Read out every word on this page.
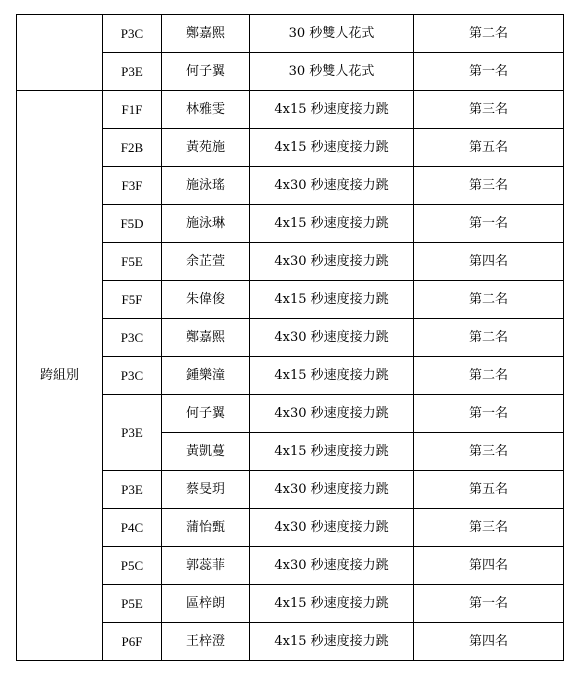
	P3C	鄭嘉熙	30 秒雙人花式	第二名
	P3E	何子翼	30 秒雙人花式	第一名
跨組別	F1F	林雅雯	4x15 秒速度接力跳	第三名
	F2B	黃苑施	4x15 秒速度接力跳	第五名
	F3F	施泳瑤	4x30 秒速度接力跳	第三名
	F5D	施泳琳	4x15 秒速度接力跳	第一名
	F5E	余芷萱	4x30 秒速度接力跳	第四名
	F5F	朱偉俊	4x15 秒速度接力跳	第二名
	P3C	鄭嘉熙	4x30 秒速度接力跳	第二名
	P3C	鍾樂潼	4x15 秒速度接力跳	第二名
	P3E	何子翼	4x30 秒速度接力跳	第一名
		黃凱蔓	4x15 秒速度接力跳	第三名
	P3E	蔡旻玥	4x30 秒速度接力跳	第五名
	P4C	蒲怡甄	4x30 秒速度接力跳	第三名
	P5C	郭蕊菲	4x30 秒速度接力跳	第四名
	P5E	區梓朗	4x15 秒速度接力跳	第一名
	P6F	王梓澄	4x15 秒速度接力跳	第四名
